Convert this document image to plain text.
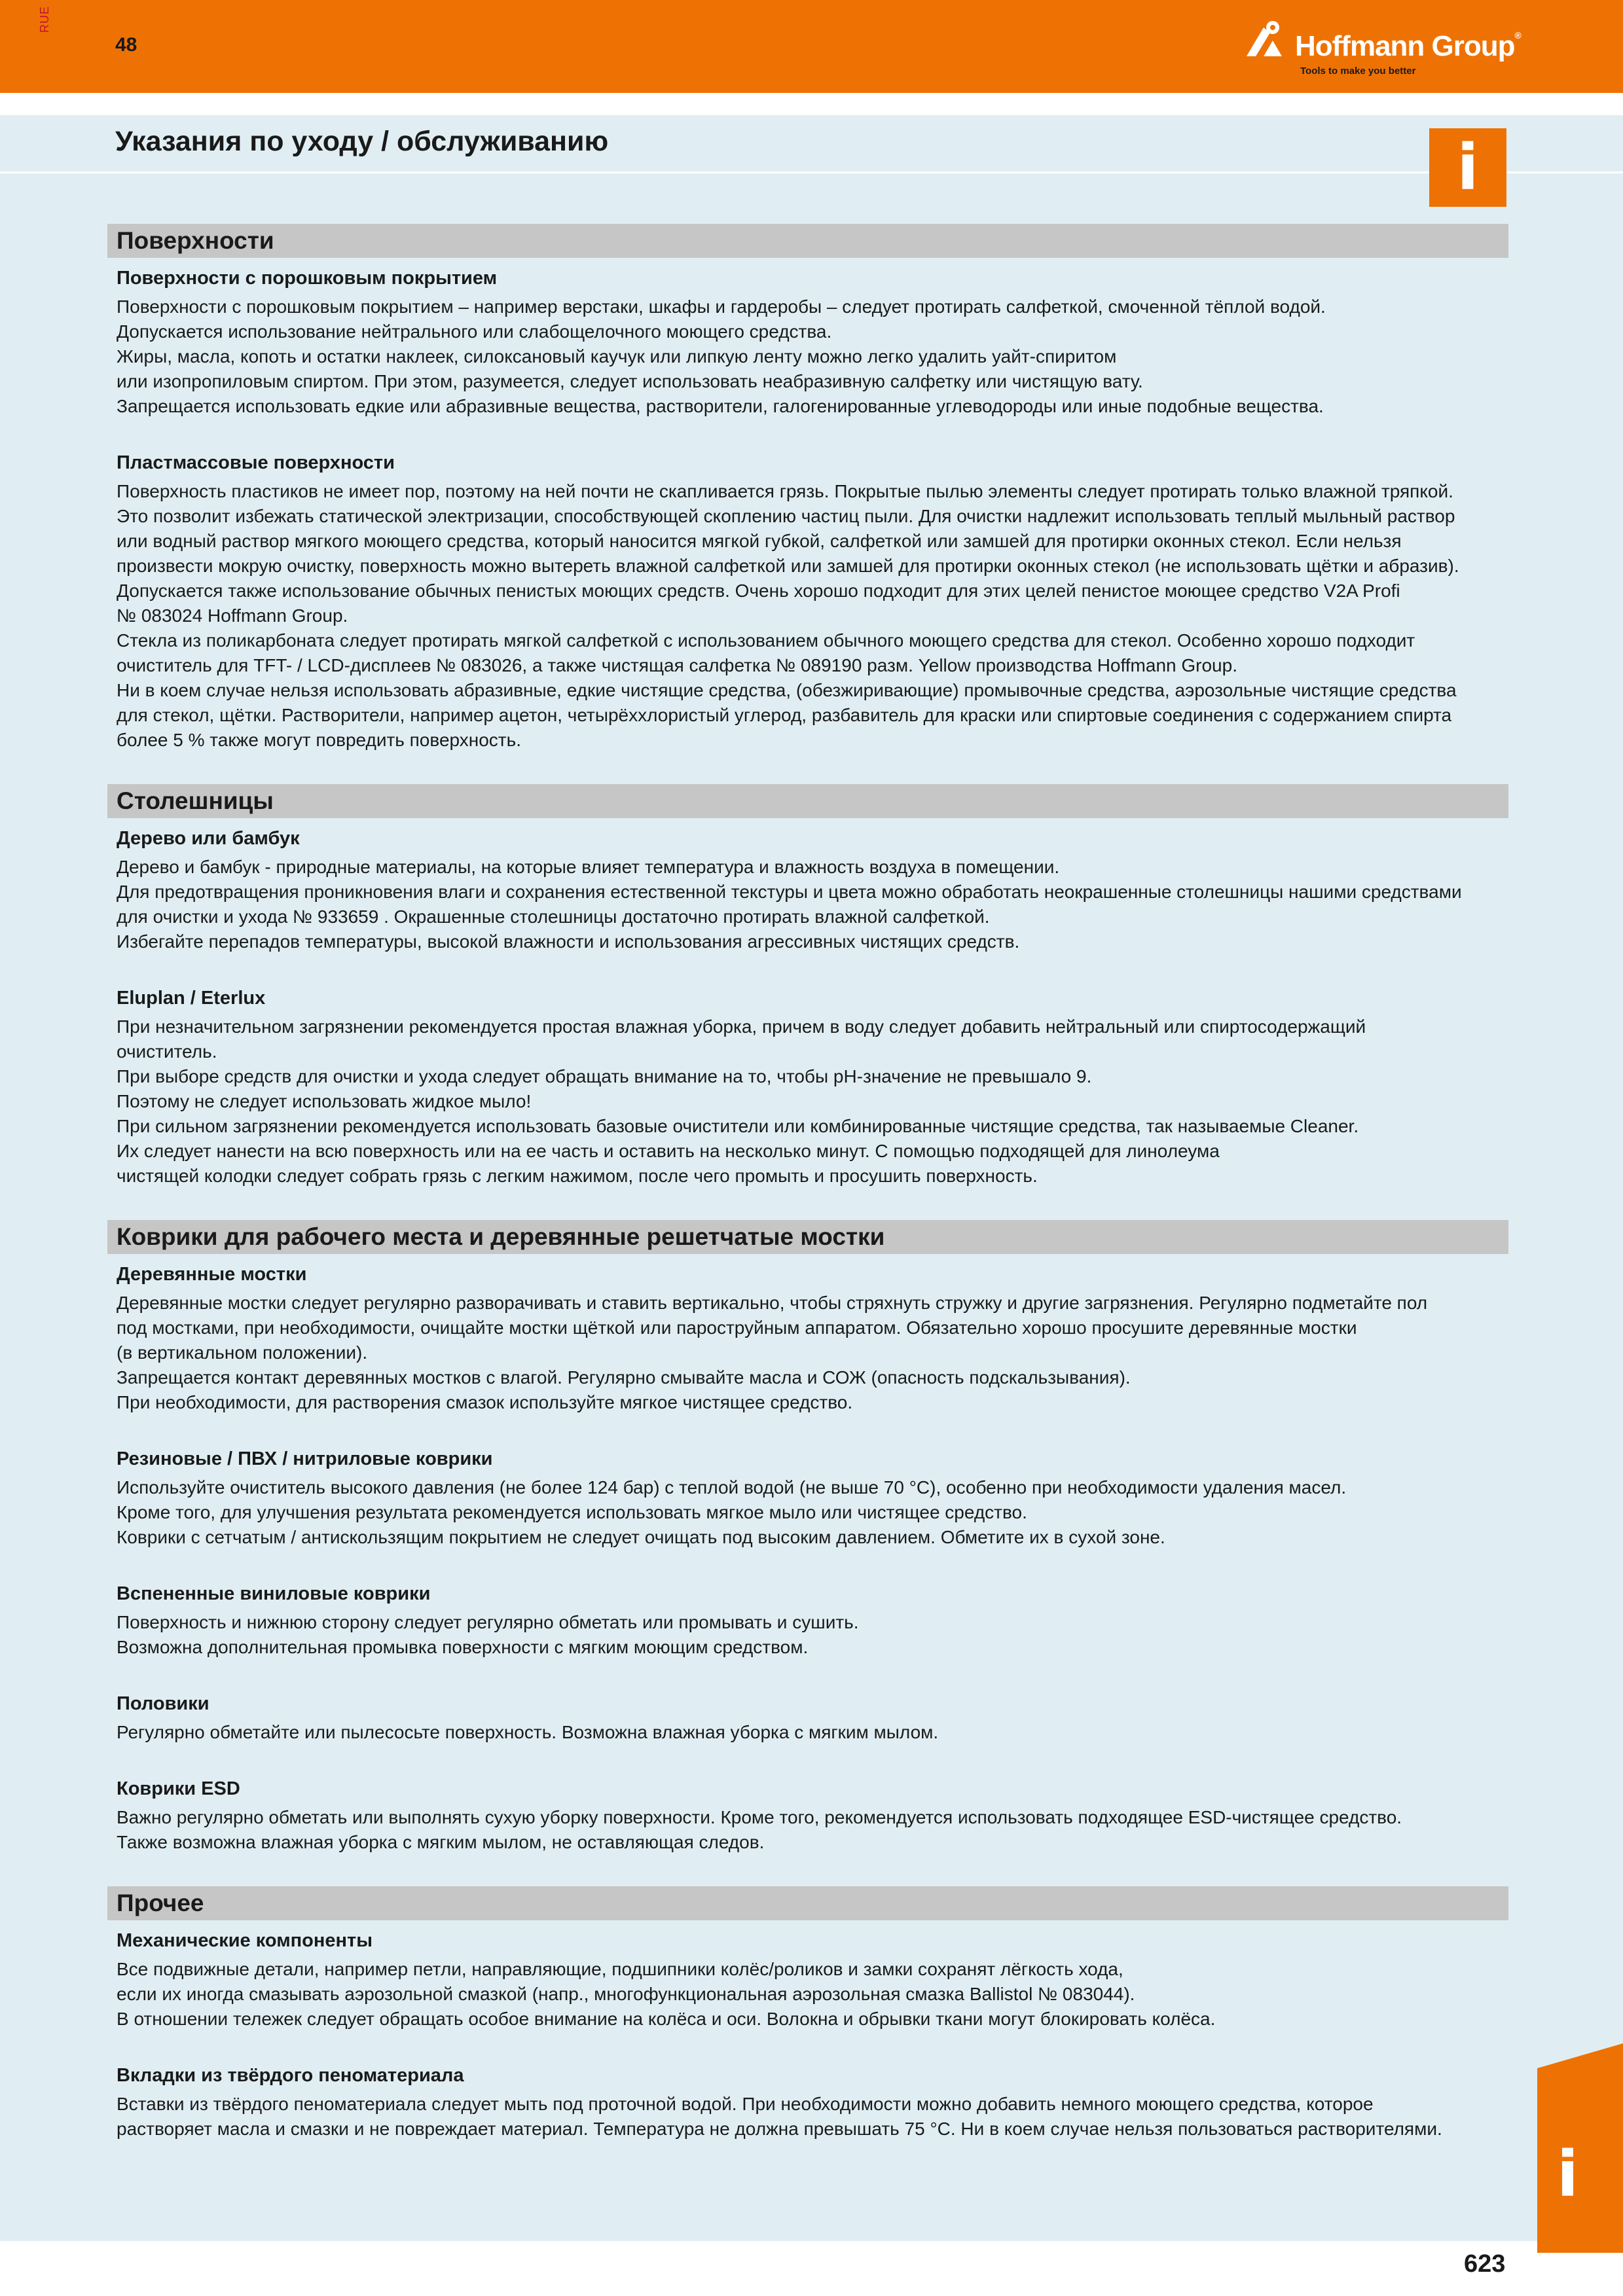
RUE
48	Hoffmann Group®
Tools to make you better
Указания по уходу / обслуживанию	i
Поверхности
Поверхности с порошковым покрытием
Поверхности с порошковым покрытием – например верстаки, шкафы и гардеробы – следует протирать салфеткой, смоченной тёплой водой.
Допускается использование нейтрального или слабощелочного моющего средства.
Жиры, масла, копоть и остатки наклеек, силоксановый каучук или липкую ленту можно легко удалить уайт-спиритом
или изопропиловым спиртом. При этом, разумеется, следует использовать неабразивную салфетку или чистящую вату.
Запрещается использовать едкие или абразивные вещества, растворители, галогенированные углеводороды или иные подобные вещества.
Пластмассовые поверхности
Поверхность пластиков не имеет пор, поэтому на ней почти не скапливается грязь. Покрытые пылью элементы следует протирать только влажной тряпкой.
Это позволит избежать статической электризации, способствующей скоплению частиц пыли. Для очистки надлежит использовать теплый мыльный раствор
или водный раствор мягкого моющего средства, который наносится мягкой губкой, салфеткой или замшей для протирки оконных стекол. Если нельзя
произвести мокрую очистку, поверхность можно вытереть влажной салфеткой или замшей для протирки оконных стекол (не использовать щётки и абразив).
Допускается также использование обычных пенистых моющих средств. Очень хорошо подходит для этих целей пенистое моющее средство V2A Profi
№ 083024 Hoffmann Group.
Стекла из поликарбоната следует протирать мягкой салфеткой с использованием обычного моющего средства для стекол. Особенно хорошо подходит
очиститель для TFT- / LCD-дисплеев № 083026, а также чистящая салфетка № 089190 разм. Yellow производства Hoffmann Group.
Ни в коем случае нельзя использовать абразивные, едкие чистящие средства, (обезжиривающие) промывочные средства, аэрозольные чистящие средства
для стекол, щётки. Растворители, например ацетон, четырёххлористый углерод, разбавитель для краски или спиртовые соединения с содержанием спирта
более 5 % также могут повредить поверхность.
Столешницы
Дерево или бамбук
Дерево и бамбук - природные материалы, на которые влияет температура и влажность воздуха в помещении.
Для предотвращения проникновения влаги и сохранения естественной текстуры и цвета можно обработать неокрашенные столешницы нашими средствами
для очистки и ухода № 933659 . Окрашенные столешницы достаточно протирать влажной салфеткой.
Избегайте перепадов температуры, высокой влажности и использования агрессивных чистящих средств.
Eluplan / Eterlux
При незначительном загрязнении рекомендуется простая влажная уборка, причем в воду следует добавить нейтральный или спиртосодержащий
очиститель.
При выборе средств для очистки и ухода следует обращать внимание на то, чтобы pH-значение не превышало 9.
Поэтому не следует использовать жидкое мыло!
При сильном загрязнении рекомендуется использовать базовые очистители или комбинированные чистящие средства, так называемые Cleaner.
Их следует нанести на всю поверхность или на ее часть и оставить на несколько минут. С помощью подходящей для линолеума
чистящей колодки следует собрать грязь с легким нажимом, после чего промыть и просушить поверхность.
Коврики для рабочего места и деревянные решетчатые мостки
Деревянные мостки
Деревянные мостки следует регулярно разворачивать и ставить вертикально, чтобы стряхнуть стружку и другие загрязнения. Регулярно подметайте пол
под мостками, при необходимости, очищайте мостки щёткой или пароструйным аппаратом. Обязательно хорошо просушите деревянные мостки
(в вертикальном положении).
Запрещается контакт деревянных мостков с влагой. Регулярно смывайте масла и СОЖ (опасность подскальзывания).
При необходимости, для растворения смазок используйте мягкое чистящее средство.
Резиновые / ПВХ / нитриловые коврики
Используйте очиститель высокого давления (не более 124 бар) с теплой водой (не выше 70 °C), особенно при необходимости удаления масел.
Кроме того, для улучшения результата рекомендуется использовать мягкое мыло или чистящее средство.
Коврики с сетчатым / антискользящим покрытием не следует очищать под высоким давлением. Обметите их в сухой зоне.
Вспененные виниловые коврики
Поверхность и нижнюю сторону следует регулярно обметать или промывать и сушить.
Возможна дополнительная промывка поверхности с мягким моющим средством.
Половики
Регулярно обметайте или пылесосьте поверхность. Возможна влажная уборка с мягким мылом.
Коврики ESD
Важно регулярно обметать или выполнять сухую уборку поверхности. Кроме того, рекомендуется использовать подходящее ESD-чистящее средство.
Также возможна влажная уборка с мягким мылом, не оставляющая следов.
Прочее
Механические компоненты
Все подвижные детали, например петли, направляющие, подшипники колёс/роликов и замки сохранят лёгкость хода,
если их иногда смазывать аэрозольной смазкой (напр., многофункциональная аэрозольная смазка Ballistol № 083044).
В отношении тележек следует обращать особое внимание на колёса и оси. Волокна и обрывки ткани могут блокировать колёса.
Вкладки из твёрдого пеноматериала
Вставки из твёрдого пеноматериала следует мыть под проточной водой. При необходимости можно добавить немного моющего средства, которое
растворяет масла и смазки и не повреждает материал. Температура не должна превышать 75 °C. Ни в коем случае нельзя пользоваться растворителями.
i
623
